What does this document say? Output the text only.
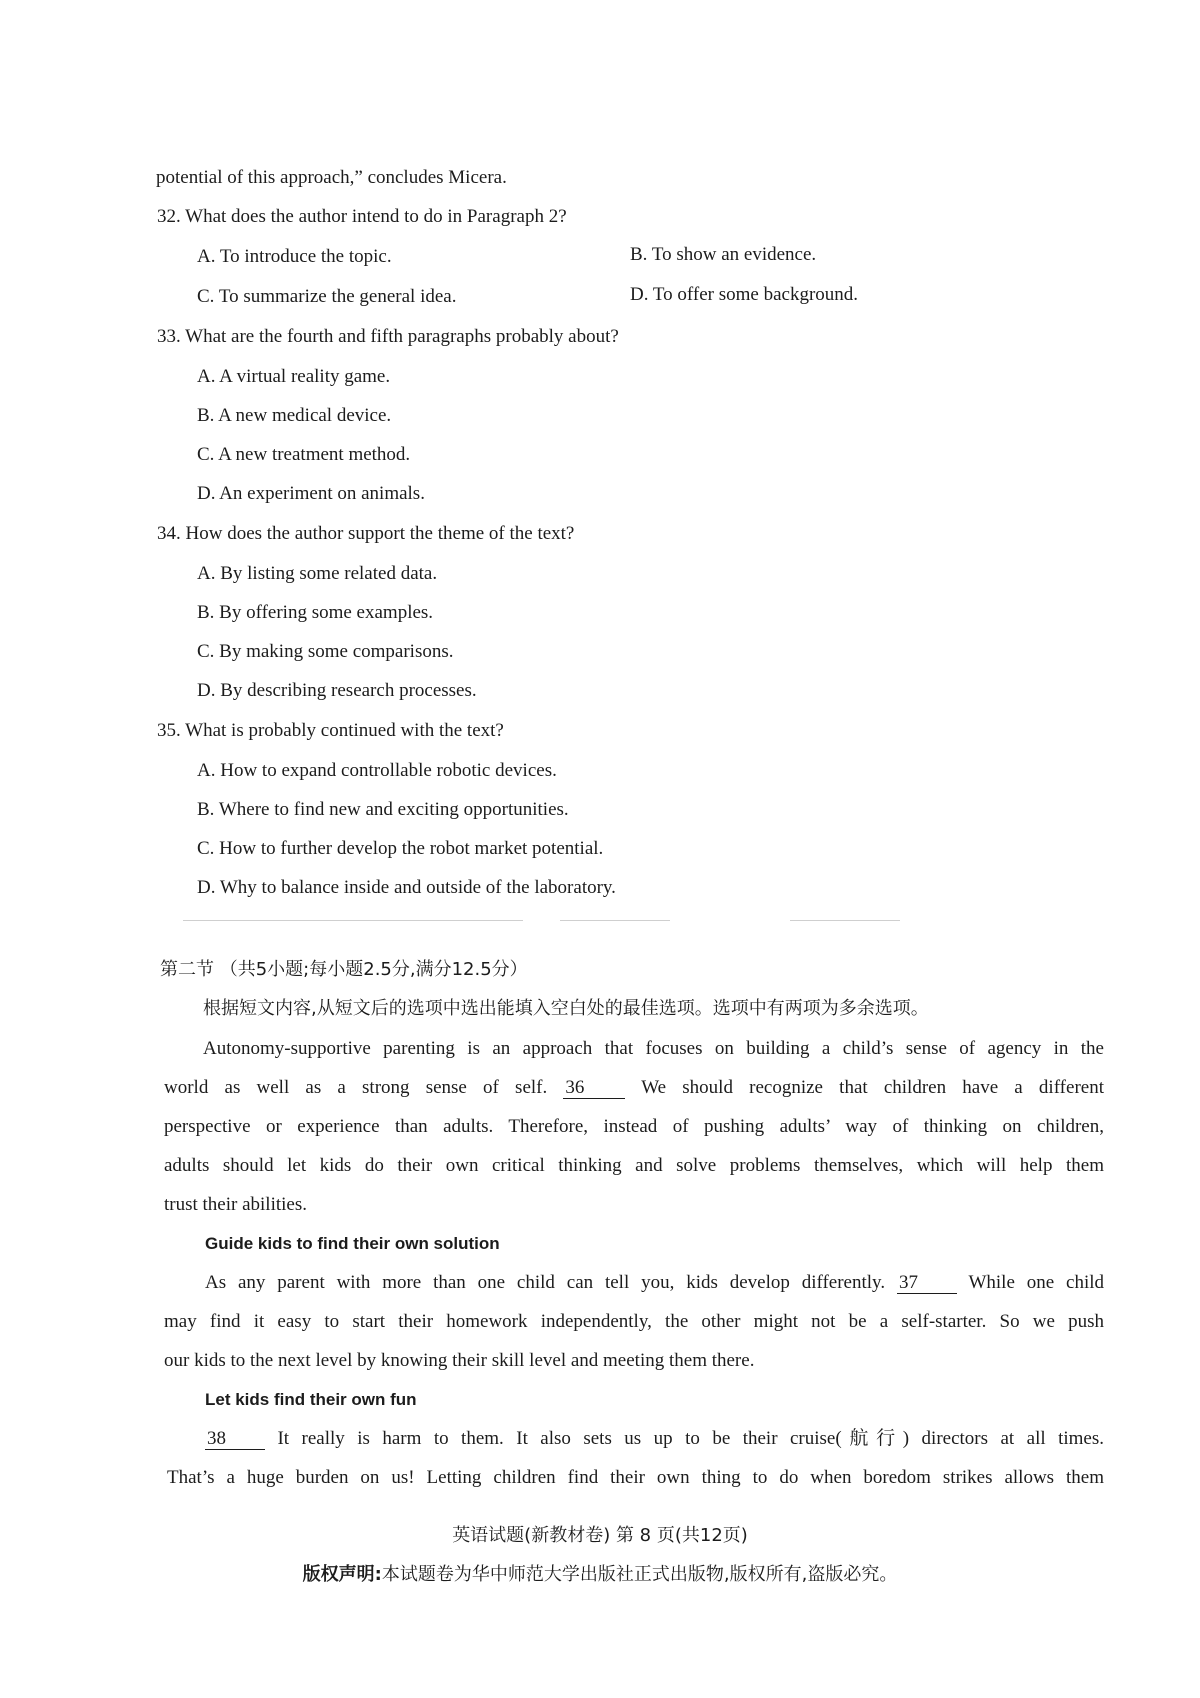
potential of this approach,” concludes Micera.
32. What does the author intend to do in Paragraph 2?
A. To introduce the topic.	B. To show an evidence.
C. To summarize the general idea.	D. To offer some background.
33. What are the fourth and fifth paragraphs probably about?
A. A virtual reality game.
B. A new medical device.
C. A new treatment method.
D. An experiment on animals.
34. How does the author support the theme of the text?
A. By listing some related data.
B. By offering some examples.
C. By making some comparisons.
D. By describing research processes.
35. What is probably continued with the text?
A. How to expand controllable robotic devices.
B. Where to find new and exciting opportunities.
C. How to further develop the robot market potential.
D. Why to balance inside and outside of the laboratory.
第二节 （共5小题;每小题2.5分,满分12.5分）
根据短文内容,从短文后的选项中选出能填入空白处的最佳选项。选项中有两项为多余选项。
Autonomy-supportive parenting is an approach that focuses on building a child’s sense of agency in the
world as well as a strong sense of self. 36	We should recognize that children have a different
perspective or experience than adults. Therefore, instead of pushing adults’ way of thinking on children,
adults should let kids do their own critical thinking and solve problems themselves, which will help them
trust their abilities.
Guide kids to find their own solution
As any parent with more than one child can tell you, kids develop differently. 37	While one child
may find it easy to start their homework independently, the other might not be a self-starter. So we push
our kids to the next level by knowing their skill level and meeting them there.
Let kids find their own fun
38	It really is harm to them. It also sets us up to be their cruise(航行) directors at all times.
That’s a huge burden on us! Letting children find their own thing to do when boredom strikes allows them
英语试题(新教材卷) 第 8 页(共12页)
版权声明:本试题卷为华中师范大学出版社正式出版物,版权所有,盗版必究。
